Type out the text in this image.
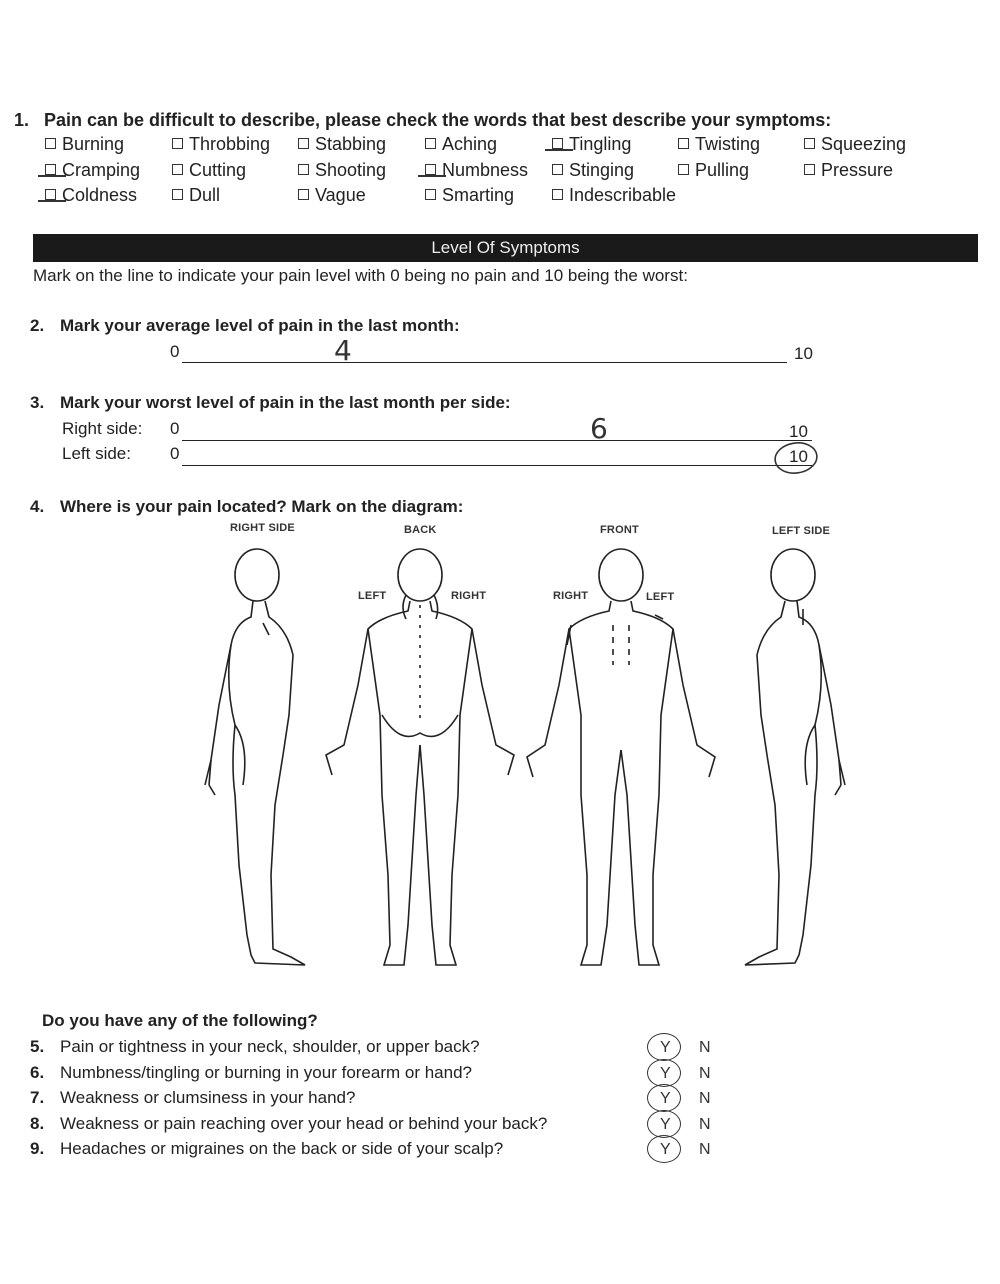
1. Pain can be difficult to describe, please check the words that best describe your symptoms:
Burning	Throbbing	Stabbing	Aching	Tingling	Twisting	Squeezing
Cramping	Cutting	Shooting	Numbness	Stinging	Pulling	Pressure
Coldness	Dull	Vague	Smarting	Indescribable
Level Of Symptoms
Mark on the line to indicate your pain level with 0 being no pain and 10 being the worst:
2. Mark your average level of pain in the last month:
0	10
4
3. Mark your worst level of pain in the last month per side:
Right side: 0	10
6
Left side: 0	10
4. Where is your pain located? Mark on the diagram:
RIGHT SIDE	BACK	FRONT	LEFT SIDE
LEFT	RIGHT	RIGHT	LEFT
Do you have any of the following?
5. Pain or tightness in your neck, shoulder, or upper back?	Y N
6. Numbness/tingling or burning in your forearm or hand?	Y N
7. Weakness or clumsiness in your hand?	Y N
8. Weakness or pain reaching over your head or behind your back?	Y N
9. Headaches or migraines on the back or side of your scalp?	Y N
